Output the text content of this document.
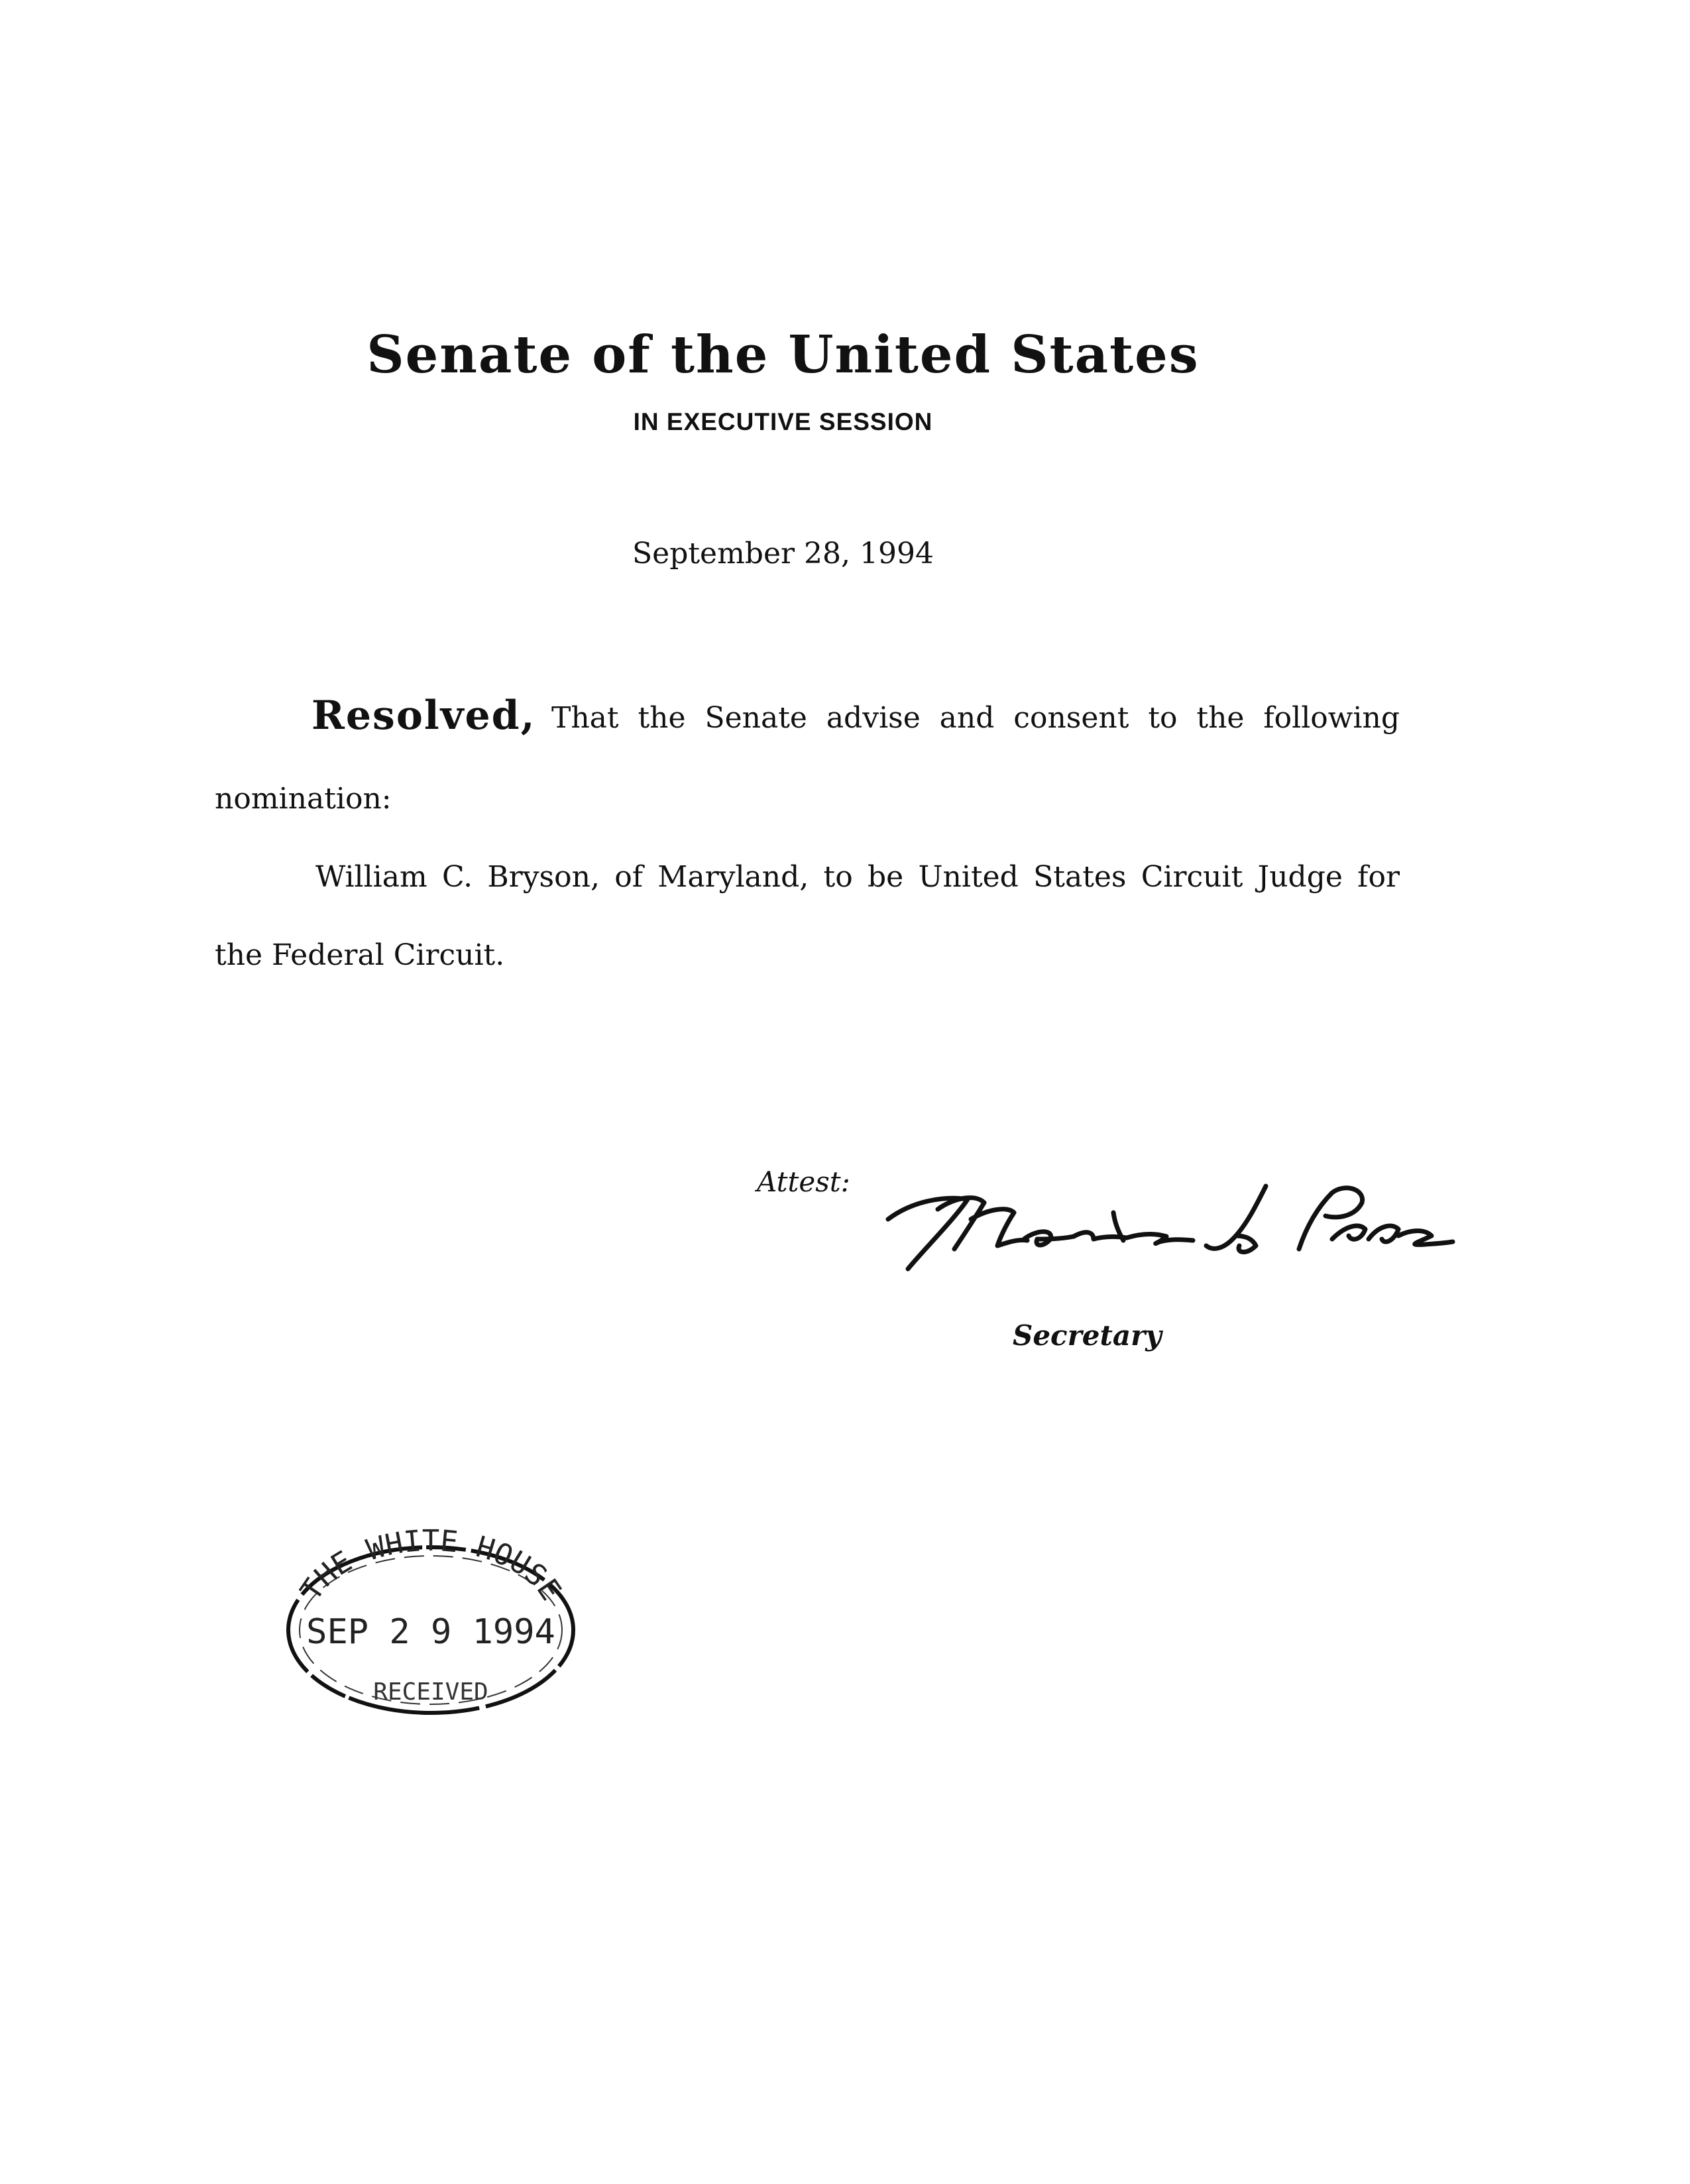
Senate of the United States
IN EXECUTIVE SESSION
September 28, 1994
Resolved, That the Senate advise and consent to the following
nomination:
William C. Bryson, of Maryland, to be United States Circuit Judge for
the Federal Circuit.
Attest:
Secretary
THE WHITE HOUSE
SEP 2 9 1994
RECEIVED
